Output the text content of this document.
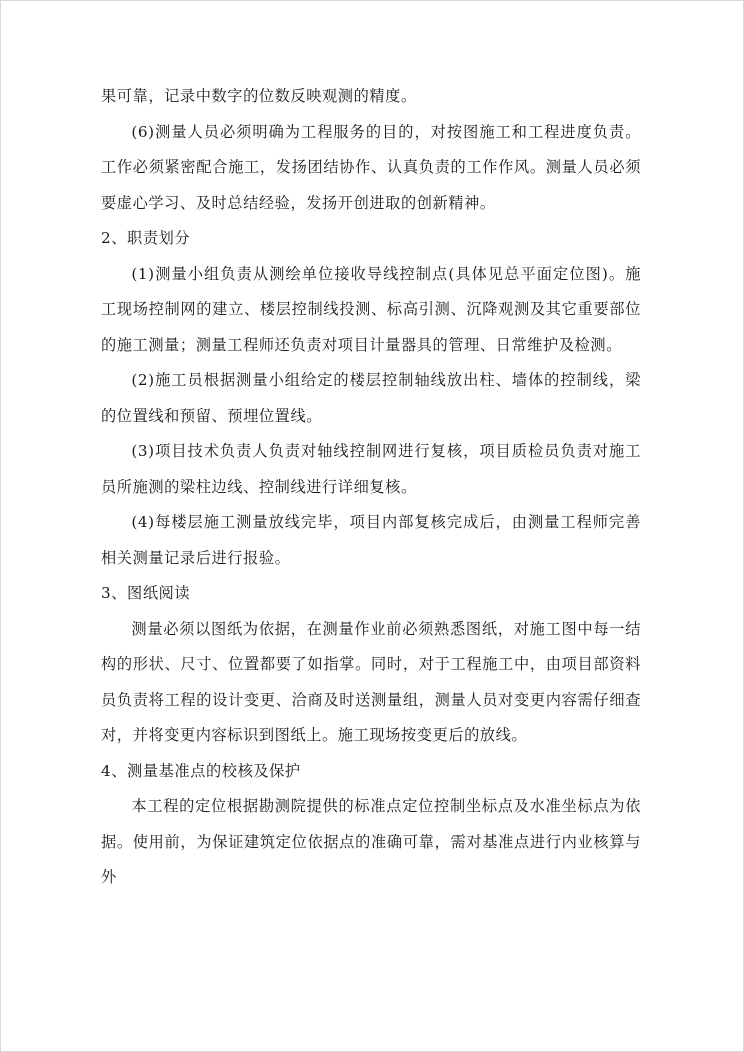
果可靠，记录中数字的位数反映观测的精度。

(6)测量人员必须明确为工程服务的目的，对按图施工和工程进度负责。工作必须紧密配合施工，发扬团结协作、认真负责的工作作风。测量人员必须要虚心学习、及时总结经验，发扬开创进取的创新精神。

2、职责划分

(1)测量小组负责从测绘单位接收导线控制点(具体见总平面定位图)。施工现场控制网的建立、楼层控制线投测、标高引测、沉降观测及其它重要部位的施工测量；测量工程师还负责对项目计量器具的管理、日常维护及检测。

(2)施工员根据测量小组给定的楼层控制轴线放出柱、墙体的控制线，梁的位置线和预留、预埋位置线。

(3)项目技术负责人负责对轴线控制网进行复核，项目质检员负责对施工员所施测的梁柱边线、控制线进行详细复核。

(4)每楼层施工测量放线完毕，项目内部复核完成后，由测量工程师完善相关测量记录后进行报验。

3、图纸阅读

测量必须以图纸为依据，在测量作业前必须熟悉图纸，对施工图中每一结构的形状、尺寸、位置都要了如指掌。同时，对于工程施工中，由项目部资料员负责将工程的设计变更、洽商及时送测量组，测量人员对变更内容需仔细查对，并将变更内容标识到图纸上。施工现场按变更后的放线。

4、测量基准点的校核及保护

本工程的定位根据勘测院提供的标准点定位控制坐标点及水准坐标点为依据。使用前，为保证建筑定位依据点的准确可靠，需对基准点进行内业核算与外
